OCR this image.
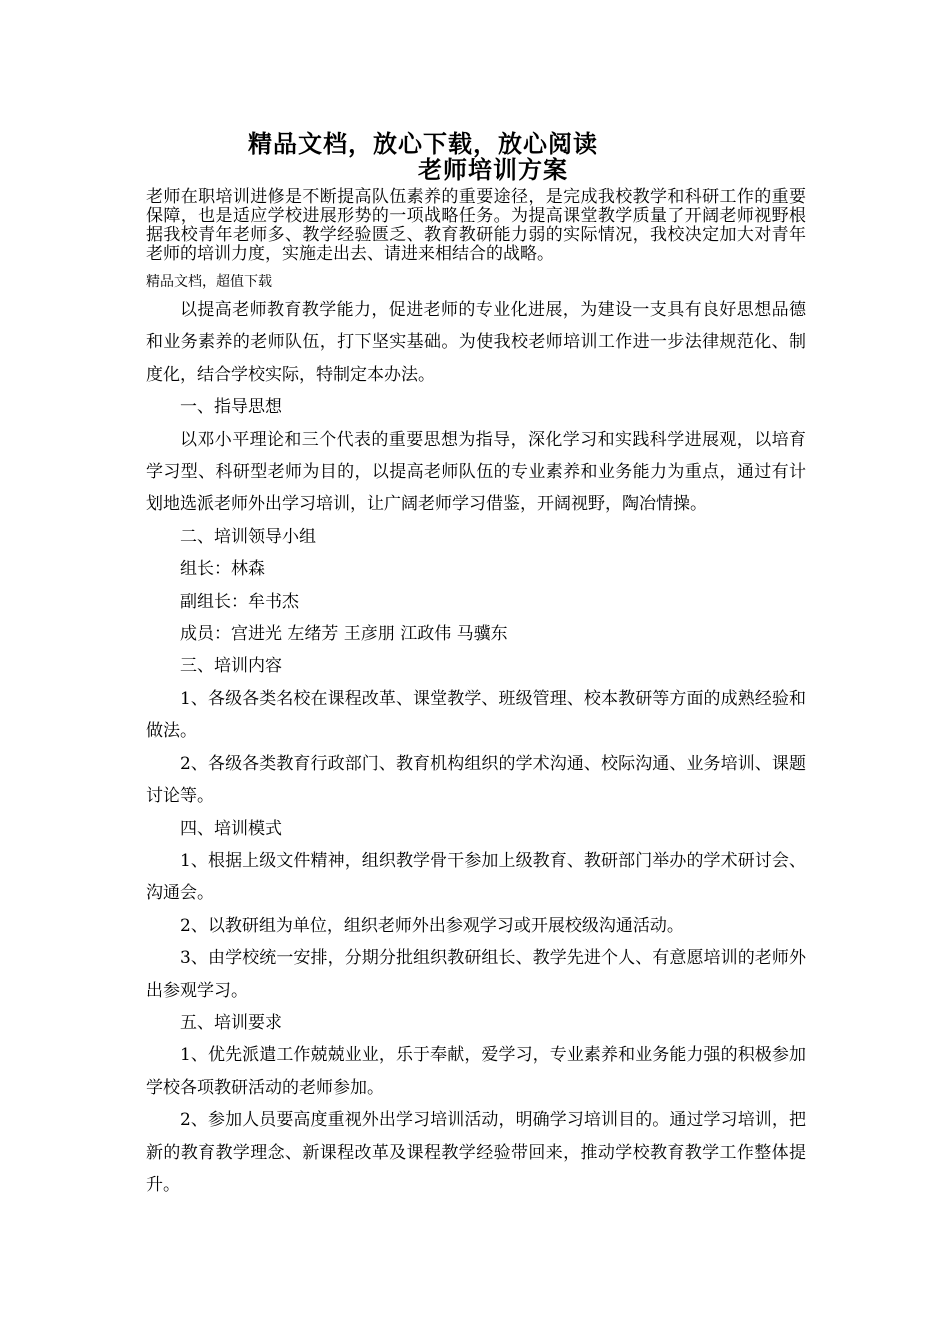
精品文档，放心下载，放心阅读
老师培训方案
老师在职培训进修是不断提高队伍素养的重要途径，是完成我校教学和科研工作的重要保障，也是适应学校进展形势的一项战略任务。为提高课堂教学质量了开阔老师视野根据我校青年老师多、教学经验匮乏、教育教研能力弱的实际情况，我校决定加大对青年老师的培训力度，实施走出去、请进来相结合的战略。
精品文档，超值下载

以提高老师教育教学能力，促进老师的专业化进展，为建设一支具有良好思想品德和业务素养的老师队伍，打下坚实基础。为使我校老师培训工作进一步法律规范化、制度化，结合学校实际，特制定本办法。

一、指导思想

以邓小平理论和三个代表的重要思想为指导，深化学习和实践科学进展观，以培育学习型、科研型老师为目的，以提高老师队伍的专业素养和业务能力为重点，通过有计划地选派老师外出学习培训，让广阔老师学习借鉴，开阔视野，陶冶情操。

二、培训领导小组

组长：林森

副组长：牟书杰

成员：宫进光 左绪芳 王彦朋 江政伟 马骥东

三、培训内容

1、各级各类名校在课程改革、课堂教学、班级管理、校本教研等方面的成熟经验和做法。

2、各级各类教育行政部门、教育机构组织的学术沟通、校际沟通、业务培训、课题讨论等。

四、培训模式

1、根据上级文件精神，组织教学骨干参加上级教育、教研部门举办的学术研讨会、沟通会。

2、以教研组为单位，组织老师外出参观学习或开展校级沟通活动。

3、由学校统一安排，分期分批组织教研组长、教学先进个人、有意愿培训的老师外出参观学习。

五、培训要求

1、优先派遣工作兢兢业业，乐于奉献，爱学习，专业素养和业务能力强的积极参加学校各项教研活动的老师参加。

2、参加人员要高度重视外出学习培训活动，明确学习培训目的。通过学习培训，把新的教育教学理念、新课程改革及课程教学经验带回来，推动学校教育教学工作整体提升。
